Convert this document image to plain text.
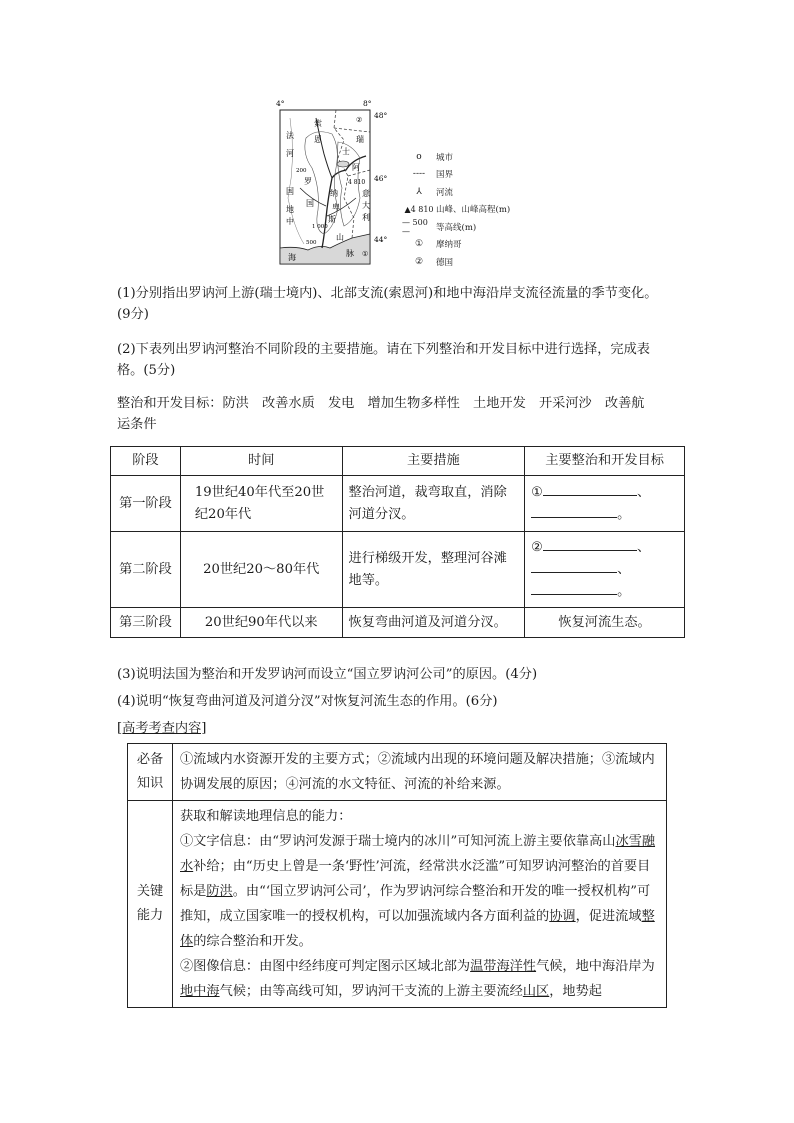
4°	8°
48°
46°
44°
法	恩
国
河
罗
纳
国
索
瑞
士
阿
卑
斯
山
脉
意
大
利
地
中
海
4 810
200
500
1 000
①
②
o	城市
----	国界
⅄	河流
▲4 810 山峰、山峰高程(m)
— 500 —	等高线(m)
①	摩纳哥
②	德国
(1)分别指出罗讷河上游(瑞士境内)、北部支流(索恩河)和地中海沿岸支流径流量的季节变化。
(9分)
(2)下表列出罗讷河整治不同阶段的主要措施。请在下列整治和开发目标中进行选择，完成表
格。(5分)
整治和开发目标：防洪　改善水质　发电　增加生物多样性　土地开发　开采河沙　改善航
运条件
阶段	时间	主要措施	主要整治和开发目标
第一阶段	19世纪40年代至20世纪20年代	整治河道，裁弯取直，消除河道分汊。	① 、
。

第二阶段	20世纪20～80年代	进行梯级开发，整理河谷滩地等。	② 、
、
。

第三阶段	20世纪90年代以来	恢复弯曲河道及河道分汊。	恢复河流生态。
(3)说明法国为整治和开发罗讷河而设立“国立罗讷河公司”的原因。(4分)
(4)说明“恢复弯曲河道及河道分汊”对恢复河流生态的作用。(6分)
[高考考查内容]
必备知识	①流域内水资源开发的主要方式；②流域内出现的环境问题及解决措施；③流域内协调发展的原因；④河流的水文特征、河流的补给来源。
关键能力	获取和解读地理信息的能力：
①文字信息：由“罗讷河发源于瑞士境内的冰川”可知河流上游主要依靠高山冰雪融水补给；由“历史上曾是一条‘野性’河流，经常洪水泛滥”可知罗讷河整治的首要目标是防洪。由“‘国立罗讷河公司’，作为罗讷河综合整治和开发的唯一授权机构”可推知，成立国家唯一的授权机构，可以加强流域内各方面利益的协调，促进流域整体的综合整治和开发。
②图像信息：由图中经纬度可判定图示区域北部为温带海洋性气候，地中海沿岸为地中海气候；由等高线可知，罗讷河干支流的上游主要流经山区，地势起
